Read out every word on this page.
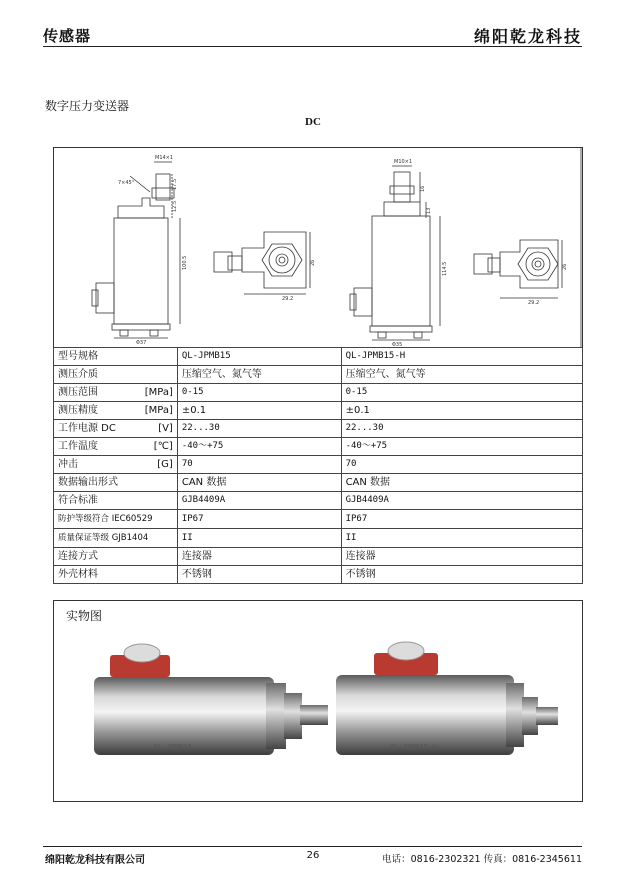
传感器	绵阳乾龙科技
数字压力变送器
DC
M14×1
7×45°	17.5
12.5
100.5
29.2
Φ37
26
M10×1
16
13
114.5
29.2
Φ35
26
型号规格	QL-JPMB15	QL-JPMB15-H
测压介质	压缩空气、氮气等	压缩空气、氮气等
测压范围 [MPa]	0-15	0-15
测压精度 [MPa]	±0.1	±0.1
工作电源 DC [V]	22...30	22...30
工作温度 [℃]	-40～+75	-40～+75
冲击 [G]	70	70
数据输出形式	CAN 数据	CAN 数据
符合标准	GJB4409A	GJB4409A
防护等级符合 IEC60529	IP67	IP67
质量保证等级 GJB1404	II	II
连接方式	连接器	连接器
外壳材料	不锈钢	不锈钢
实物图
QL-JPMB15	QL-JPMB15-H
绵阳乾龙科技有限公司	26	电话：0816-2302321 传真：0816-2345611
